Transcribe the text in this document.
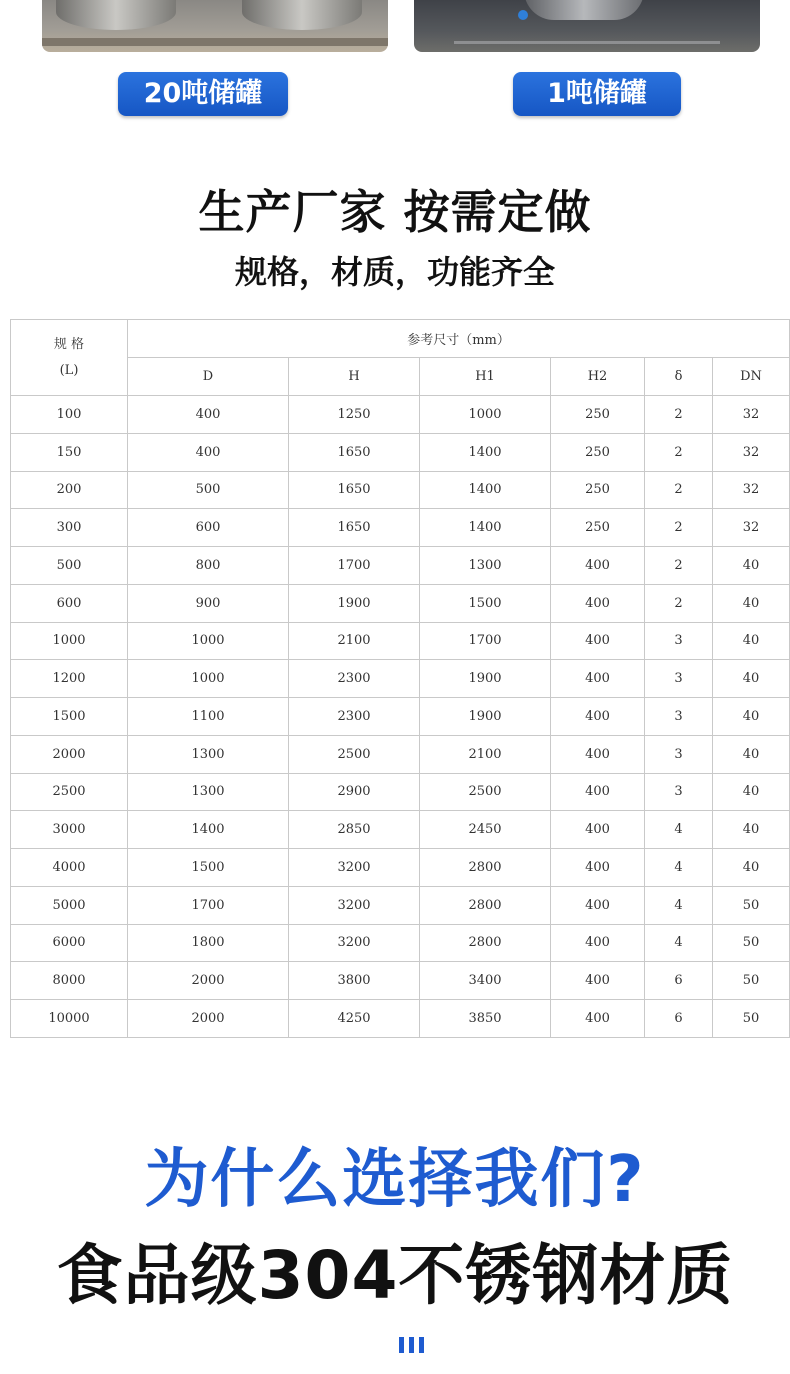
20吨储罐	1吨储罐
生产厂家 按需定做
规格，材质，功能齐全
规 格
(L)	参考尺寸（mm）					
	D	H	H1	H2	δ	DN
100	400	1250	1000	250	2	32
150	400	1650	1400	250	2	32
200	500	1650	1400	250	2	32
300	600	1650	1400	250	2	32
500	800	1700	1300	400	2	40
600	900	1900	1500	400	2	40
1000	1000	2100	1700	400	3	40
1200	1000	2300	1900	400	3	40
1500	1100	2300	1900	400	3	40
2000	1300	2500	2100	400	3	40
2500	1300	2900	2500	400	3	40
3000	1400	2850	2450	400	4	40
4000	1500	3200	2800	400	4	40
5000	1700	3200	2800	400	4	50
6000	1800	3200	2800	400	4	50
8000	2000	3800	3400	400	6	50
10000	2000	4250	3850	400	6	50
为什么选择我们?
食品级304不锈钢材质
